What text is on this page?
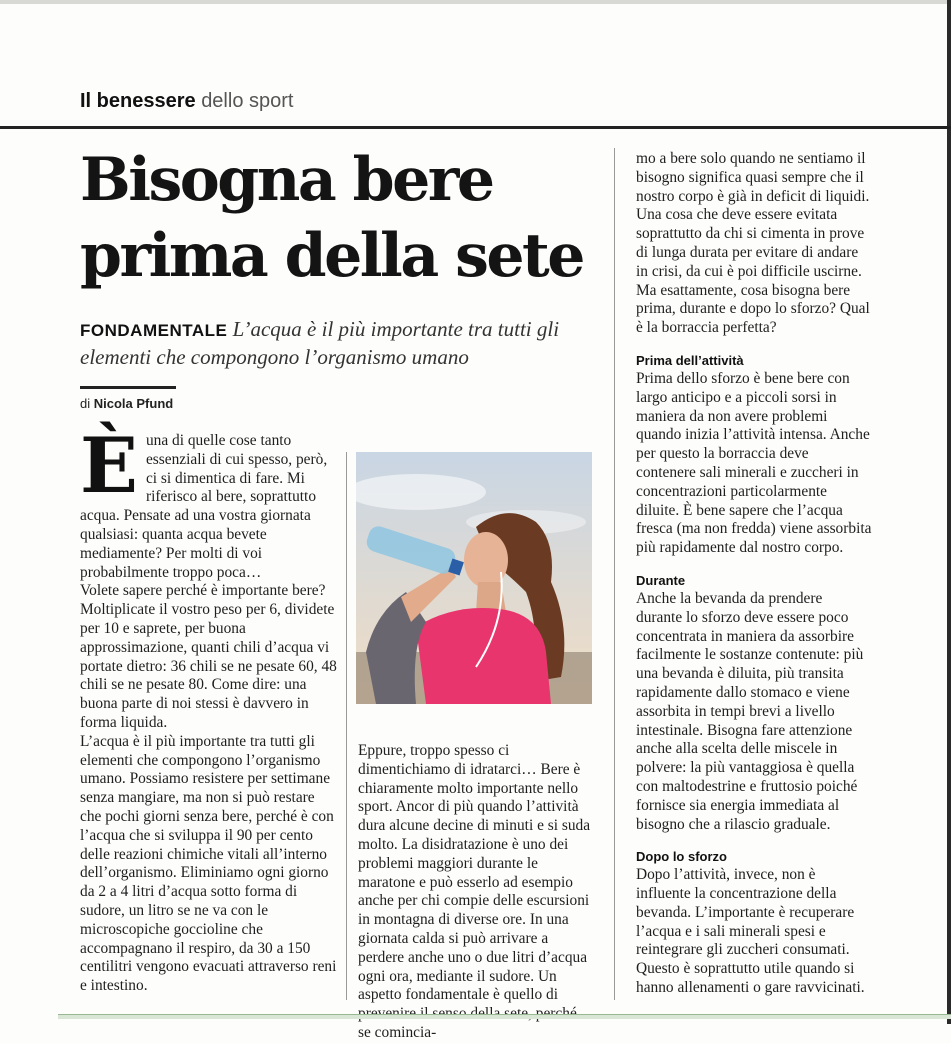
Il benessere dello sport
Bisogna bere
prima della sete
FONDAMENTALE L’acqua è il più importante tra tutti gli elementi che compongono l’organismo umano
di Nicola Pfund
È una di quelle cose tanto essenziali di cui spesso, però, ci si dimentica di fare. Mi riferisco al bere, soprattutto acqua. Pensate ad una vostra giornata qualsiasi: quanta acqua bevete mediamente? Per molti di voi probabilmente troppo poca…

Volete sapere perché è importante bere? Moltiplicate il vostro peso per 6, dividete per 10 e saprete, per buona approssimazione, quanti chili d’acqua vi portate dietro: 36 chili se ne pesate 60, 48 chili se ne pesate 80. Come dire: una buona parte di noi stessi è davvero in forma liquida.

L’acqua è il più importante tra tutti gli elementi che compongono l’organismo umano. Possiamo resistere per settimane senza mangiare, ma non si può restare che pochi giorni senza bere, perché è con l’acqua che si sviluppa il 90 per cento delle reazioni chimiche vitali all’interno dell’organismo. Eliminiamo ogni giorno da 2 a 4 litri d’acqua sotto forma di sudore, un litro se ne va con le microscopiche goccioline che accompagnano il respiro, da 30 a 150 centilitri vengono evacuati attraverso reni e intestino.

Eppure, troppo spesso ci dimentichiamo di idratarci… Bere è chiaramente molto importante nello sport. Ancor di più quando l’attività dura alcune decine di minuti e si suda molto. La disidratazione è uno dei problemi maggiori durante le maratone e può esserlo ad esempio anche per chi compie delle escursioni in montagna di diverse ore. In una giornata calda si può arrivare a perdere anche uno o due litri d’acqua ogni ora, mediante il sudore. Un aspetto fondamentale è quello di se comincia-

mo a bere solo quando ne sentiamo il bisogno significa quasi sempre che il nostro corpo è già in deficit di liquidi. Una cosa che deve essere evitata soprattutto da chi si cimenta in prove di lunga durata per evitare di andare in crisi, da cui è poi difficile uscirne. Ma esattamente, cosa bisogna bere prima, durante e dopo lo sforzo? Qual è la borraccia perfetta?

Prima dell’attività

Prima dello sforzo è bene bere con largo anticipo e a piccoli sorsi in maniera da non avere problemi quando inizia l’attività intensa. Anche per questo la borraccia deve contenere sali minerali e zuccheri in concentrazioni particolarmente diluite. È bene sapere che l’acqua fresca (ma non fredda) viene assorbita più rapidamente dal nostro corpo.

Durante

Anche la bevanda da prendere durante lo sforzo deve essere poco concentrata in maniera da assorbire facilmente le sostanze contenute: più una bevanda è diluita, più transita rapidamente dallo stomaco e viene assorbita in tempi brevi a livello intestinale. Bisogna fare attenzione anche alla scelta delle miscele in polvere: la più vantaggiosa è quella con maltodestrine e fruttosio poiché fornisce sia energia immediata al bisogno che a rilascio graduale.

Dopo lo sforzo

Dopo l’attività, invece, non è influente la concentrazione della bevanda. L’importante è recuperare l’acqua e i sali minerali spesi e reintegrare gli zuccheri consumati. Questo è soprattutto utile quando si hanno allenamenti o gare ravvicinati.
